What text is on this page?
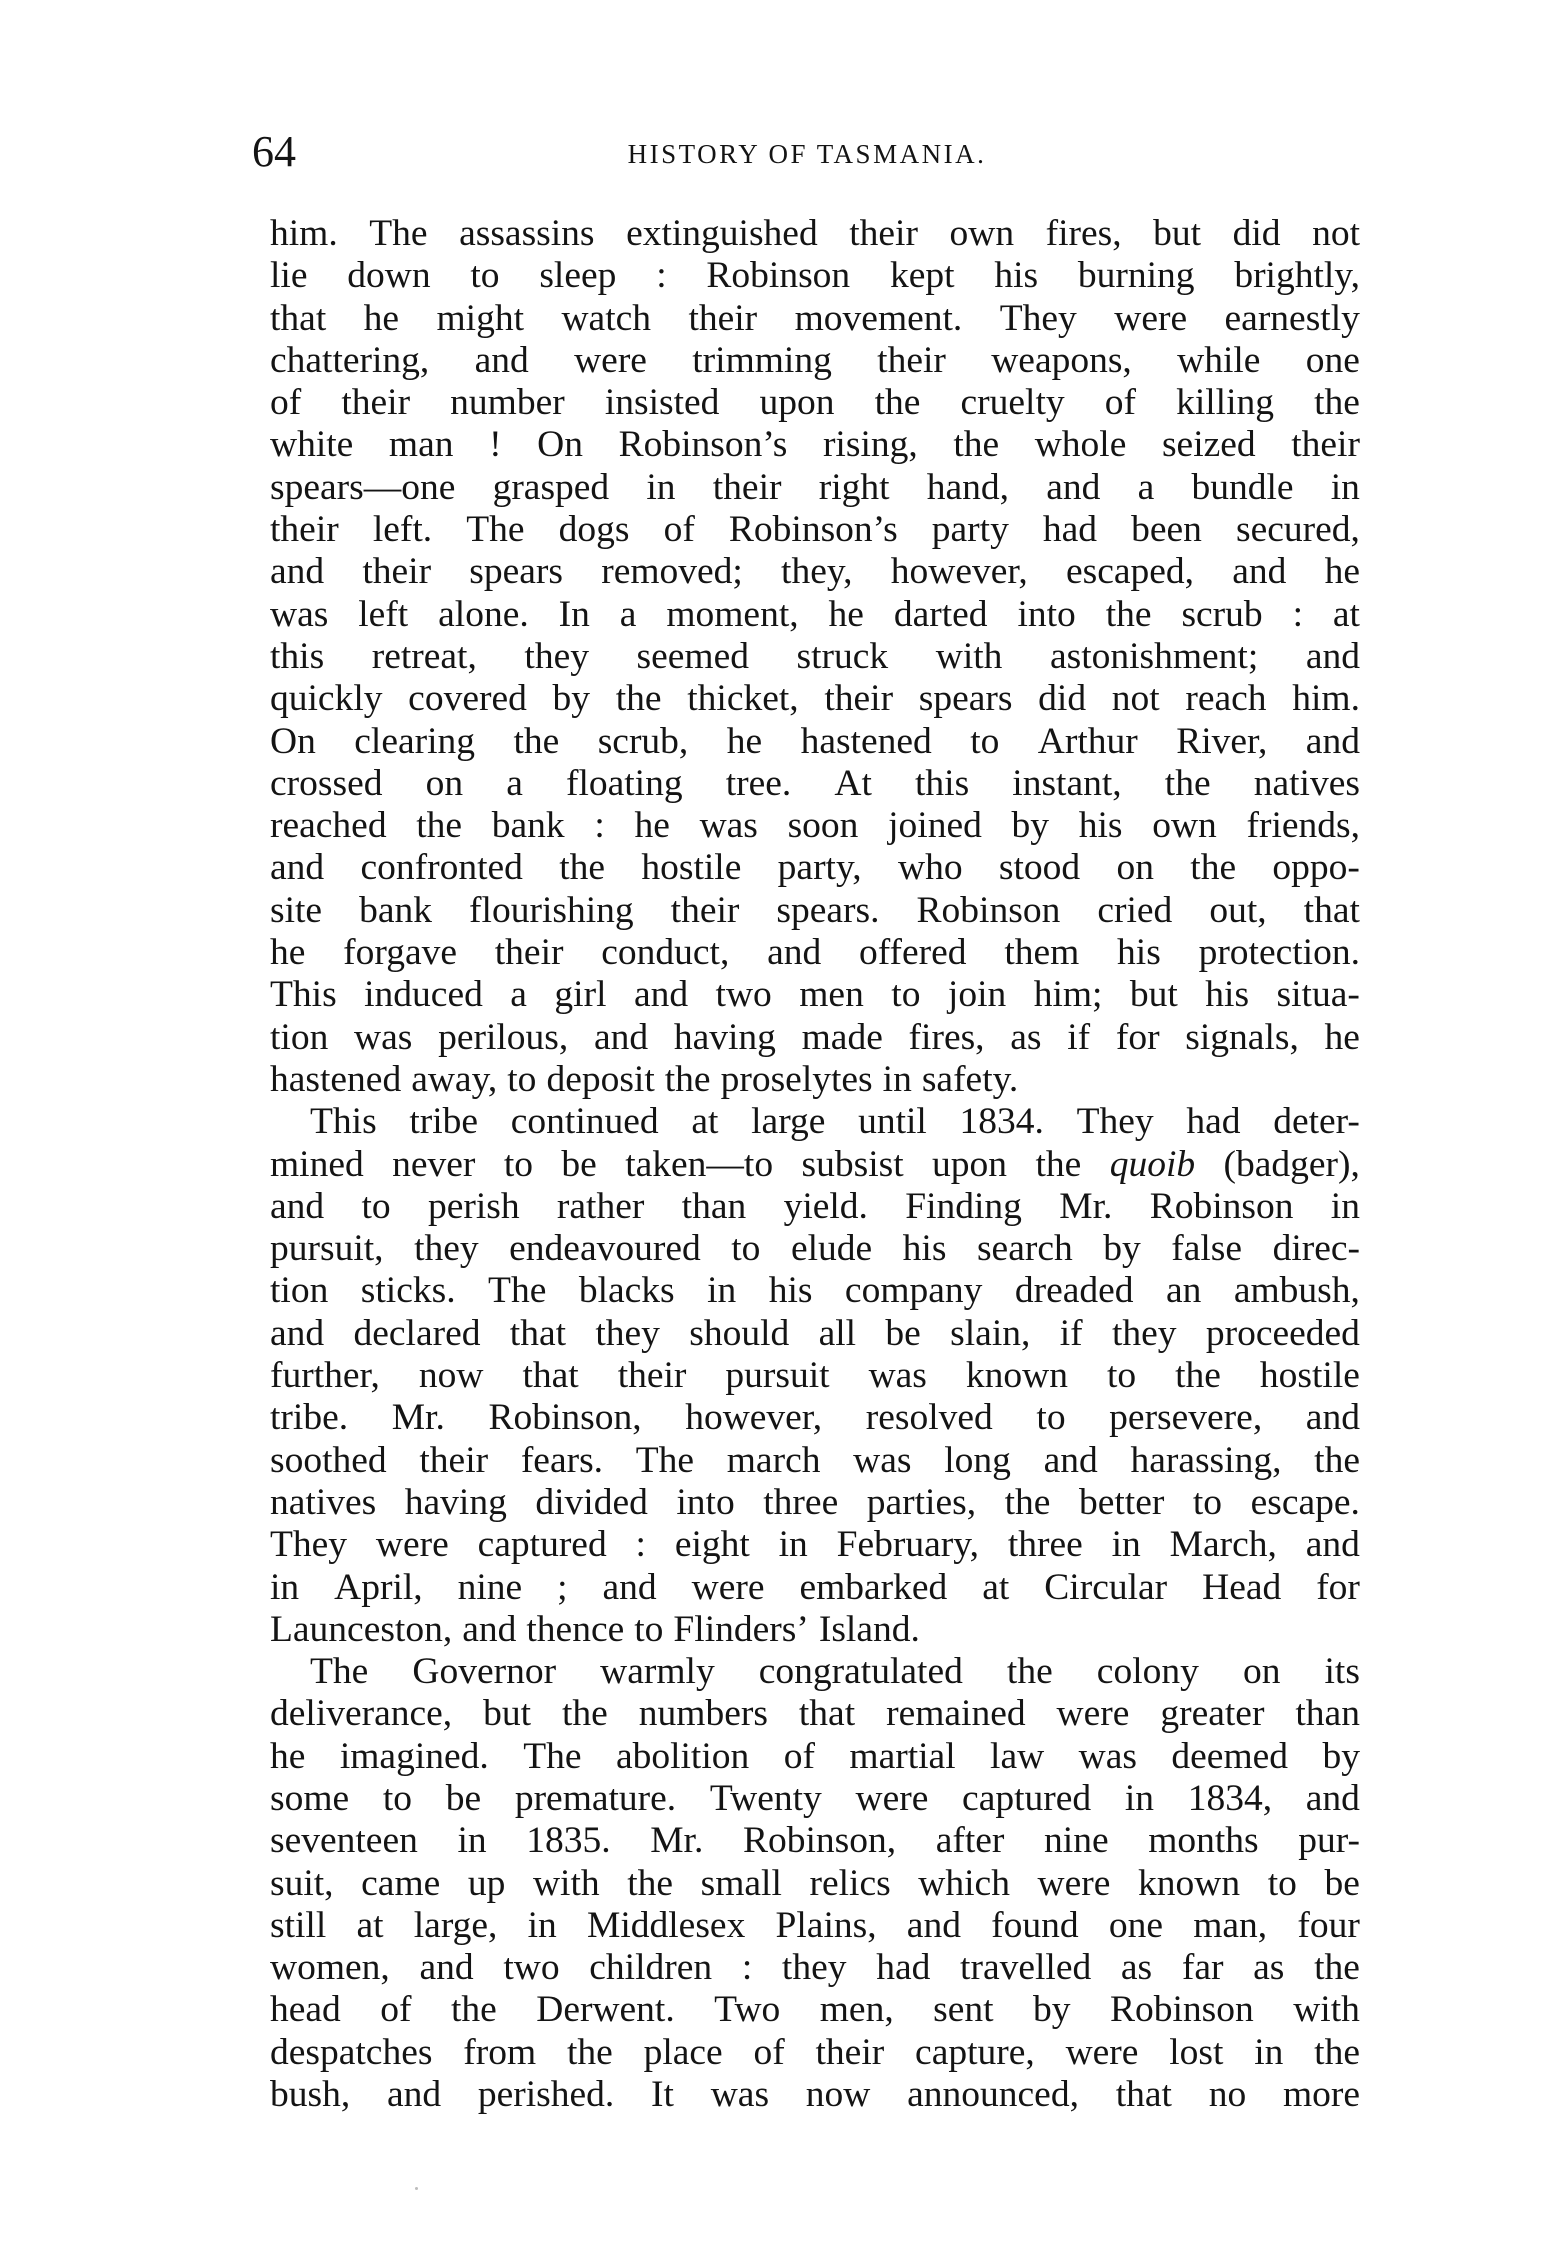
64	HISTORY OF TASMANIA.
him. The assassins extinguished their own fires, but did not
lie down to sleep : Robinson kept his burning brightly,
that he might watch their movement. They were earnestly
chattering, and were trimming their weapons, while one
of their number insisted upon the cruelty of killing the
white man ! On Robinson’s rising, the whole seized their
spears—one grasped in their right hand, and a bundle in
their left. The dogs of Robinson’s party had been secured,
and their spears removed; they, however, escaped, and he
was left alone. In a moment, he darted into the scrub : at
this retreat, they seemed struck with astonishment; and
quickly covered by the thicket, their spears did not reach him.
On clearing the scrub, he hastened to Arthur River, and
crossed on a floating tree. At this instant, the natives
reached the bank : he was soon joined by his own friends,
and confronted the hostile party, who stood on the oppo-
site bank flourishing their spears. Robinson cried out, that
he forgave their conduct, and offered them his protection.
This induced a girl and two men to join him; but his situa-
tion was perilous, and having made fires, as if for signals, he
hastened away, to deposit the proselytes in safety.
This tribe continued at large until 1834. They had deter-
mined never to be taken—to subsist upon the quoib (badger),
and to perish rather than yield. Finding Mr. Robinson in
pursuit, they endeavoured to elude his search by false direc-
tion sticks. The blacks in his company dreaded an ambush,
and declared that they should all be slain, if they proceeded
further, now that their pursuit was known to the hostile
tribe. Mr. Robinson, however, resolved to persevere, and
soothed their fears. The march was long and harassing, the
natives having divided into three parties, the better to escape.
They were captured : eight in February, three in March, and
in April, nine ; and were embarked at Circular Head for
Launceston, and thence to Flinders’ Island.
The Governor warmly congratulated the colony on its
deliverance, but the numbers that remained were greater than
he imagined. The abolition of martial law was deemed by
some to be premature. Twenty were captured in 1834, and
seventeen in 1835. Mr. Robinson, after nine months pur-
suit, came up with the small relics which were known to be
still at large, in Middlesex Plains, and found one man, four
women, and two children : they had travelled as far as the
head of the Derwent. Two men, sent by Robinson with
despatches from the place of their capture, were lost in the
bush, and perished. It was now announced, that no more
